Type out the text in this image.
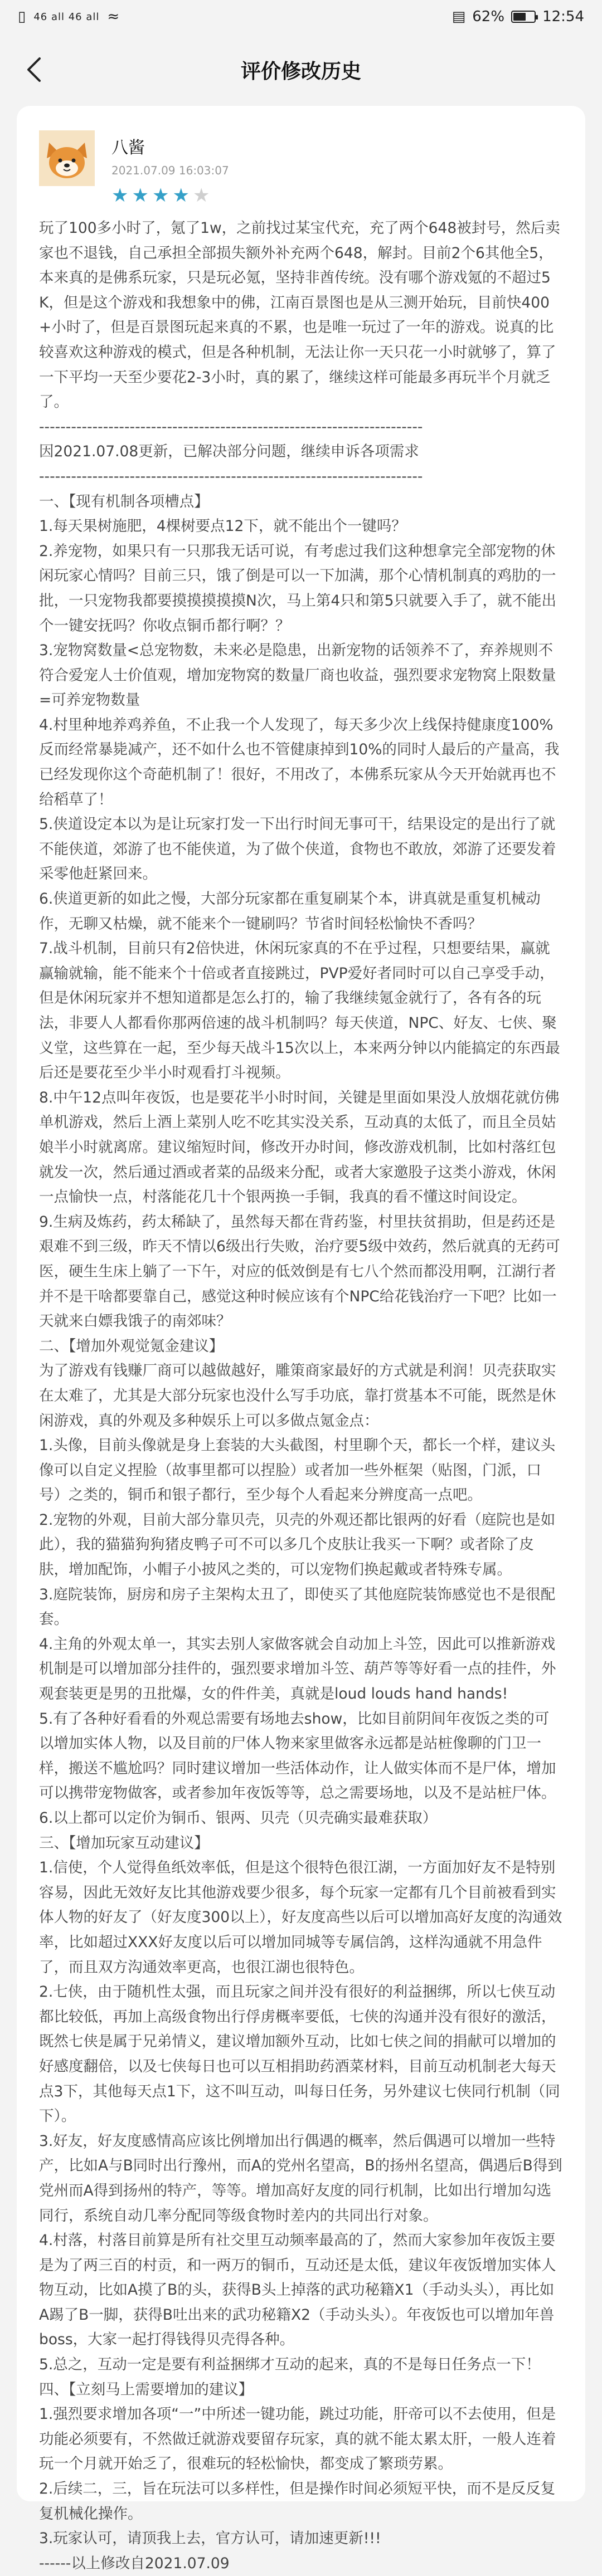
▯ 46 all 46 all ≈	▤ 62%	12:54
评价修改历史
八酱
2021.07.09 16:03:07
★ ★ ★ ★ ★

玩了100多小时了，氪了1w，之前找过某宝代充，充了两个648被封号，然后卖家也不退钱，自己承担全部损失额外补充两个648，解封。目前2个6其他全5，本来真的是佛系玩家，只是玩必氪，坚持非酋传统。没有哪个游戏氪的不超过5K，但是这个游戏和我想象中的佛，江南百景图也是从三测开始玩，目前快400+小时了，但是百景图玩起来真的不累，也是唯一玩过了一年的游戏。说真的比较喜欢这种游戏的模式，但是各种机制，无法让你一天只花一小时就够了，算了一下平均一天至少要花2-3小时，真的累了，继续这样可能最多再玩半个月就乏了。

------------------------------------------------------------------------

因2021.07.08更新，已解决部分问题，继续申诉各项需求

------------------------------------------------------------------------

一、【现有机制各项槽点】

1.每天果树施肥，4棵树要点12下，就不能出个一键吗？

2.养宠物，如果只有一只那我无话可说，有考虑过我们这种想拿完全部宠物的休闲玩家心情吗？目前三只，饿了倒是可以一下加满，那个心情机制真的鸡肋的一批，一只宠物我都要摸摸摸摸摸N次，马上第4只和第5只就要入手了，就不能出个一键安抚吗？你收点铜币都行啊？？

3.宠物窝数量<总宠物数，未来必是隐患，出新宠物的话领养不了，弃养规则不符合爱宠人士价值观，增加宠物窝的数量厂商也收益，强烈要求宠物窝上限数量=可养宠物数量

4.村里种地养鸡养鱼，不止我一个人发现了，每天多少次上线保持健康度100%反而经常暴毙减产，还不如什么也不管健康掉到10%的同时人最后的产量高，我已经发现你这个奇葩机制了！很好，不用改了，本佛系玩家从今天开始就再也不给稻草了！

5.侠道设定本以为是让玩家打发一下出行时间无事可干，结果设定的是出行了就不能侠道，郊游了也不能侠道，为了做个侠道，食物也不敢放，郊游了还要发着采零他赶紧回来。

6.侠道更新的如此之慢，大部分玩家都在重复刷某个本，讲真就是重复机械动作，无聊又枯燥，就不能来个一键刷吗？节省时间轻松愉快不香吗？

7.战斗机制，目前只有2倍快进，休闲玩家真的不在乎过程，只想要结果，赢就赢输就输，能不能来个十倍或者直接跳过，PVP爱好者同时可以自己享受手动，但是休闲玩家并不想知道都是怎么打的，输了我继续氪金就行了，各有各的玩法，非要人人都看你那两倍速的战斗机制吗？每天侠道，NPC、好友、七侠、聚义堂，这些算在一起，至少每天战斗15次以上，本来两分钟以内能搞定的东西最后还是要花至少半小时观看打斗视频。

8.中午12点叫年夜饭，也是要花半小时时间，关键是里面如果没人放烟花就仿佛单机游戏，然后上酒上菜别人吃不吃其实没关系，互动真的太低了，而且全员姑娘半小时就离席。建议缩短时间，修改开办时间，修改游戏机制，比如村落红包就发一次，然后通过酒或者菜的品级来分配，或者大家邀股子这类小游戏，休闲一点愉快一点，村落能花几十个银两换一手铜，我真的看不懂这时间设定。

9.生病及炼药，药太稀缺了，虽然每天都在背药鉴，村里扶贫捐助，但是药还是艰难不到三级，昨天不情以6级出行失败，治疗要5级中效药，然后就真的无药可医，硬生生床上躺了一下午，对应的低效倒是有七八个然而都没用啊，江湖行者并不是干啥都要靠自己，感觉这种时候应该有个NPC给花钱治疗一下吧？比如一天就来白嫖我饿子的南郊味？

二、【增加外观觉氪金建议】

为了游戏有钱赚厂商可以越做越好，雕策商家最好的方式就是利润！贝壳获取实在太难了，尤其是大部分玩家也没什么写手功底，靠打赏基本不可能，既然是休闲游戏，真的外观及多种娱乐上可以多做点氪金点：

1.头像，目前头像就是身上套装的大头截图，村里聊个天，都长一个样，建议头像可以自定义捏脸（故事里都可以捏脸）或者加一些外框架（贴图，门派，口号）之类的，铜币和银子都行，至少每个人看起来分辨度高一点吧。

2.宠物的外观，目前大部分靠贝壳，贝壳的外观还都比银两的好看（庭院也是如此），我的猫猫狗狗猪皮鸭子可不可以多几个皮肤让我买一下啊？或者除了皮肤，增加配饰，小帽子小披风之类的，可以宠物们换起戴或者特殊专属。

3.庭院装饰，厨房和房子主架构太丑了，即使买了其他庭院装饰感觉也不是很配套。

4.主角的外观太单一，其实去别人家做客就会自动加上斗笠，因此可以推新游戏机制是可以增加部分挂件的，强烈要求增加斗笠、葫芦等等好看一点的挂件，外观套装更是男的丑批爆，女的件件美，真就是loud louds hand hands!

5.有了各种好看看的外观总需要有场地去show，比如目前阴间年夜饭之类的可以增加实体人物，以及目前的尸体人物来家里做客永远都是站桩像聊的门卫一样，搬送不尴尬吗？同时建议增加一些活体动作，让人做实体而不是尸体，增加可以携带宠物做客，或者参加年夜饭等等，总之需要场地，以及不是站桩尸体。

6.以上都可以定价为铜币、银两、贝壳（贝壳确实最难获取）

三、【增加玩家互动建议】

1.信使，个人觉得鱼纸效率低，但是这个很特色很江湖，一方面加好友不是特别容易，因此无效好友比其他游戏要少很多，每个玩家一定都有几个目前被看到实体人物的好友了（好友度300以上），好友度高些以后可以增加高好友度的沟通效率，比如超过XXX好友度以后可以增加同城等专属信鸽，这样沟通就不用急件了，而且双方沟通效率更高，也很江湖也很特色。

2.七侠，由于随机性太强，而且玩家之间并没有很好的利益捆绑，所以七侠互动都比较低，再加上高级食物出行俘虏概率要低，七侠的沟通并没有很好的激活，既然七侠是属于兄弟情义，建议增加额外互动，比如七侠之间的捐献可以增加的好感度翻倍，以及七侠每日也可以互相捐助药酒菜材料，目前互动机制老大每天点3下，其他每天点1下，这不叫互动，叫每日任务，另外建议七侠同行机制（同下）。

3.好友，好友度感情高应该比例增加出行偶遇的概率，然后偶遇可以增加一些特产，比如A与B同时出行豫州，而A的党州名望高，B的扬州名望高，偶遇后B得到党州而A得到扬州的特产，等等。增加高好友度的同行机制，比如出行增加勾选同行，系统自动几率分配同等级食物时差内的共同出行对象。

4.村落，村落目前算是所有社交里互动频率最高的了，然而大家参加年夜饭主要是为了两三百的村贡，和一两万的铜币，互动还是太低，建议年夜饭增加实体人物互动，比如A摸了B的头，获得B头上掉落的武功秘籍X1（手动头头），再比如A踢了B一脚，获得B吐出来的武功秘籍X2（手动头头）。年夜饭也可以增加年兽boss，大家一起打得钱得贝壳得各种。

5.总之，互动一定是要有利益捆绑才互动的起来，真的不是每日任务点一下！

四、【立刻马上需要增加的建议】

1.强烈要求增加各项“一”中所述一键功能，跳过功能，肝帝可以不去使用，但是功能必须要有，不然做迁就游戏要留存玩家，真的就不能太累太肝，一般人连着玩一个月就开始乏了，很难玩的轻松愉快，都变成了繁琐劳累。

2.后续二，三，旨在玩法可以多样性，但是操作时间必须短平快，而不是反反复复机械化操作。

3.玩家认可，请顶我上去，官方认可，请加速更新!!!

------以上修改自2021.07.09
